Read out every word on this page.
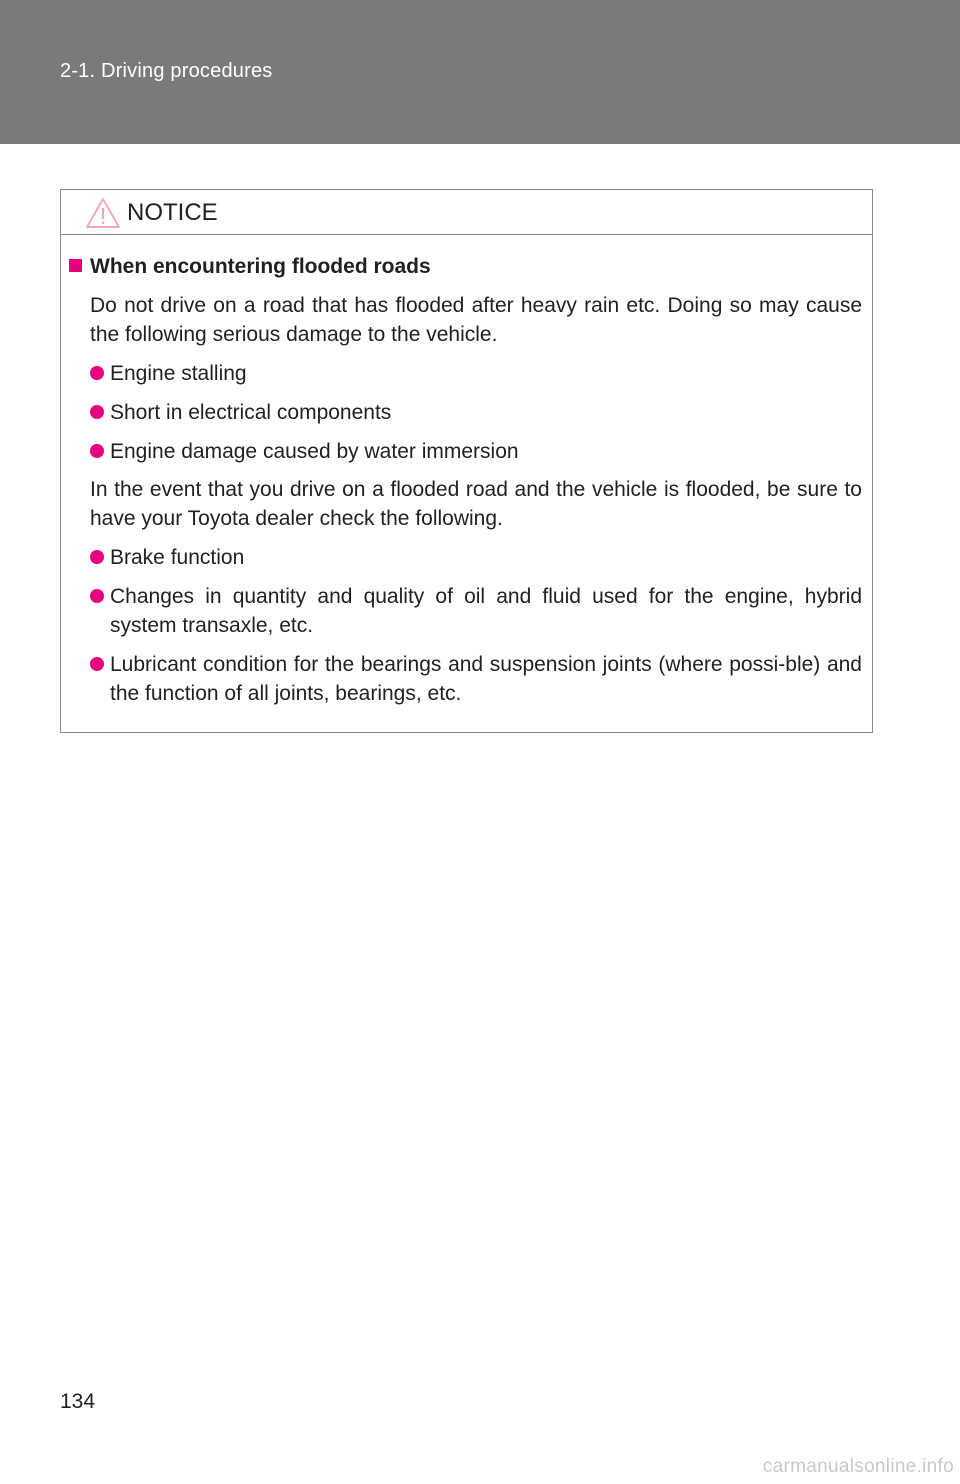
2-1. Driving procedures
NOTICE
When encountering flooded roads
Do not drive on a road that has flooded after heavy rain etc. Doing so may cause the following serious damage to the vehicle.
Engine stalling
Short in electrical components
Engine damage caused by water immersion
In the event that you drive on a flooded road and the vehicle is flooded, be sure to have your Toyota dealer check the following.
Brake function
Changes in quantity and quality of oil and fluid used for the engine, hybrid system transaxle, etc.
Lubricant condition for the bearings and suspension joints (where possi-ble) and the function of all joints, bearings, etc.
134
carmanualsonline.info
